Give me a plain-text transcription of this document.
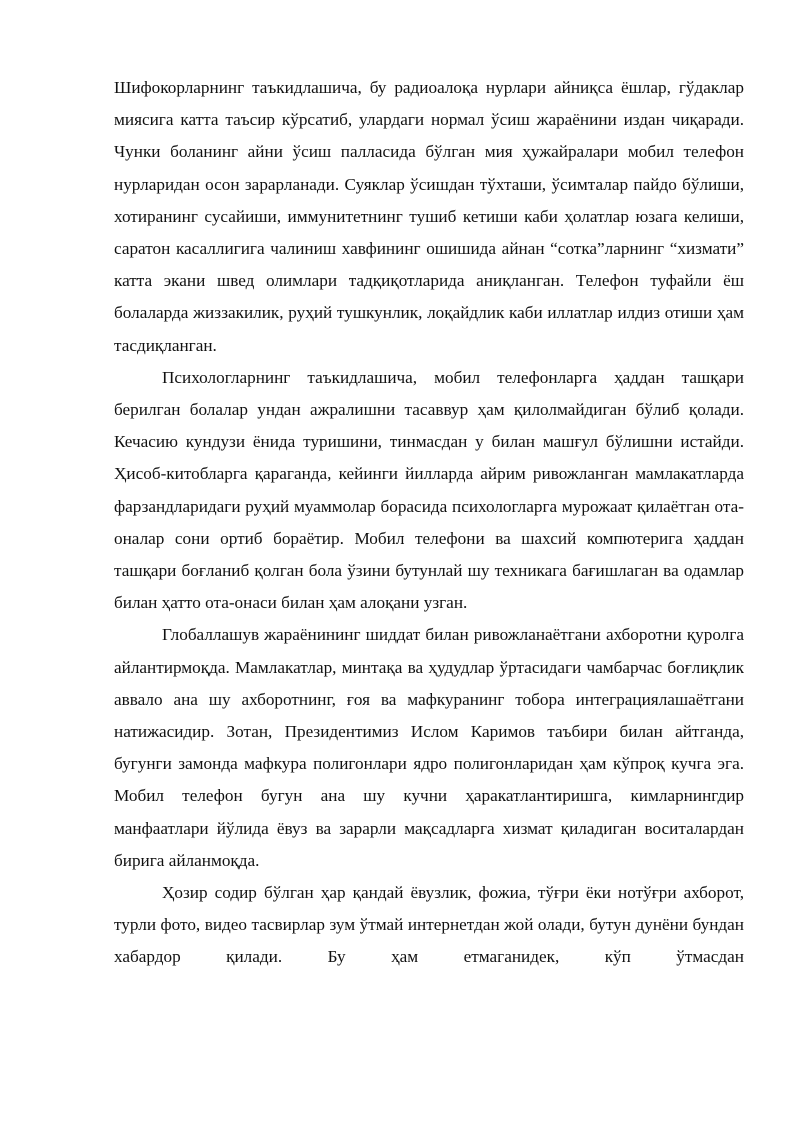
Шифокорларнинг таъкидлашича, бу радиоалоқа нурлари айниқса ёшлар, гўдаклар миясига катта таъсир кўрсатиб, улардаги нормал ўсиш жараёнини издан чиқаради. Чунки боланинг айни ўсиш палласида бўлган мия ҳужайралари мобил телефон нурларидан осон зарарланади. Суяклар ўсишдан тўхташи, ўсимталар пайдо бўлиши, хотиранинг сусайиши, иммунитетнинг тушиб кетиши каби ҳолатлар юзага келиши, саратон касаллигига чалиниш хавфининг ошишида айнан “сотка”ларнинг “хизмати” катта экани швед олимлари тадқиқотларида аниқланган. Телефон туфайли ёш болаларда жиззакилик, руҳий тушкунлик, лоқайдлик каби иллатлар илдиз отиши ҳам тасдиқланган.

Психологларнинг таъкидлашича, мобил телефонларга ҳаддан ташқари берилган болалар ундан ажралишни тасаввур ҳам қилолмайдиган бўлиб қолади. Кечасию кундузи ёнида туришини, тинмасдан у билан машғул бўлишни истайди. Ҳисоб-китобларга қараганда, кейинги йилларда айрим ривожланган мамлакатларда фарзандларидаги руҳий муаммолар борасида психологларга мурожаат қилаётган ота-оналар сони ортиб бораётир. Мобил телефони ва шахсий компютерига ҳаддан ташқари боғланиб қолган бола ўзини бутунлай шу техникага бағишлаган ва одамлар билан ҳатто ота-онаси билан ҳам алоқани узган.

Глобаллашув жараёнининг шиддат билан ривожланаётгани ахборотни қуролга айлантирмоқда. Мамлакатлар, минтақа ва ҳудудлар ўртасидаги чамбарчас боғлиқлик аввало ана шу ахборотнинг, ғоя ва мафкуранинг тобора интеграциялашаётгани натижасидир. Зотан, Президентимиз Ислом Каримов таъбири билан айтганда, бугунги замонда мафкура полигонлари ядро полигонларидан ҳам кўпроқ кучга эга. Мобил телефон бугун ана шу кучни ҳаракатлантиришга, кимларнингдир манфаатлари йўлида ёвуз ва зарарли мақсадларга хизмат қиладиган воситалардан бирига айланмоқда.

Ҳозир содир бўлган ҳар қандай ёвузлик, фожиа, тўғри ёки нотўғри ахборот, турли фото, видео тасвирлар зум ўтмай интернетдан жой олади, бутун дунёни бундан хабардор қилади. Бу ҳам етмаганидек, кўп ўтмасдан
